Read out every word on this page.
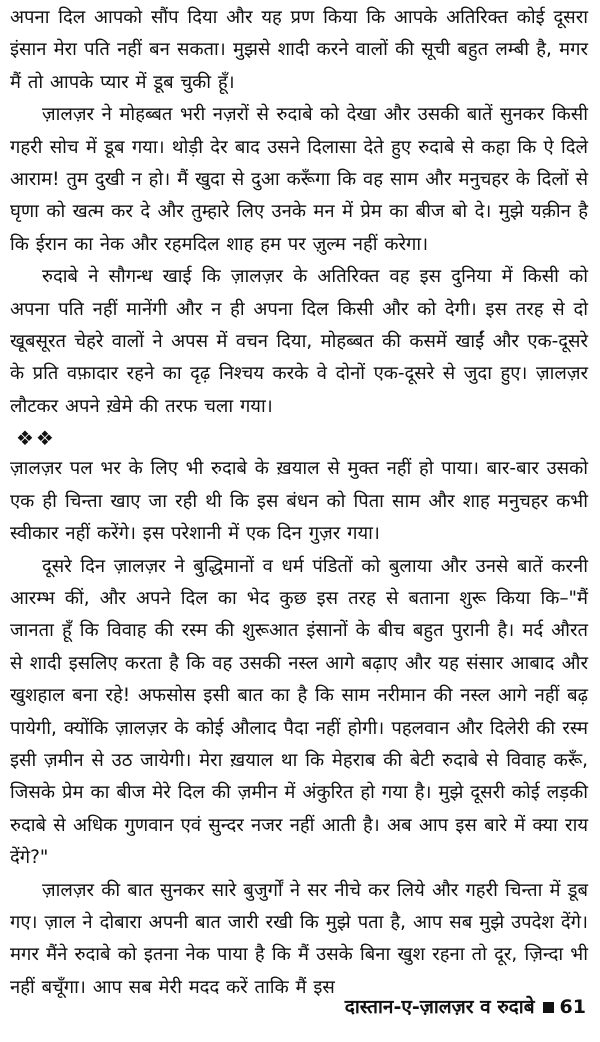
अपना दिल आपको सौंप दिया और यह प्रण किया कि आपके अतिरिक्त कोई दूसरा इंसान मेरा पति नहीं बन सकता। मुझसे शादी करने वालों की सूची बहुत लम्बी है, मगर मैं तो आपके प्यार में डूब चुकी हूँ।

ज़ालज़र ने मोहब्बत भरी नज़रों से रुदाबे को देखा और उसकी बातें सुनकर किसी गहरी सोच में डूब गया। थोड़ी देर बाद उसने दिलासा देते हुए रुदाबे से कहा कि ऐ दिले आराम! तुम दुखी न हो। मैं खुदा से दुआ करूँगा कि वह साम और मनुचहर के दिलों से घृणा को खत्म कर दे और तुम्हारे लिए उनके मन में प्रेम का बीज बो दे। मुझे यक़ीन है कि ईरान का नेक और रहमदिल शाह हम पर ज़ुल्म नहीं करेगा।

रुदाबे ने सौगन्ध खाई कि ज़ालज़र के अतिरिक्त वह इस दुनिया में किसी को अपना पति नहीं मानेंगी और न ही अपना दिल किसी और को देगी। इस तरह से दो खूबसूरत चेहरे वालों ने अपस में वचन दिया, मोहब्बत की कसमें खाईं और एक-दूसरे के प्रति वफ़ादार रहने का दृढ़ निश्चय करके वे दोनों एक-दूसरे से जुदा हुए। ज़ालज़र लौटकर अपने खे़मे की तरफ चला गया।

❖❖

ज़ालज़र पल भर के लिए भी रुदाबे के ख़याल से मुक्त नहीं हो पाया। बार-बार उसको एक ही चिन्ता खाए जा रही थी कि इस बंधन को पिता साम और शाह मनुचहर कभी स्वीकार नहीं करेंगे। इस परेशानी में एक दिन गुज़र गया।

दूसरे दिन ज़ालज़र ने बुद्धिमानों व धर्म पंडितों को बुलाया और उनसे बातें करनी आरम्भ कीं, और अपने दिल का भेद कुछ इस तरह से बताना शुरू किया कि–"मैं जानता हूँ कि विवाह की रस्म की शुरूआत इंसानों के बीच बहुत पुरानी है। मर्द औरत से शादी इसलिए करता है कि वह उसकी नस्ल आगे बढ़ाए और यह संसार आबाद और खुशहाल बना रहे! अफसोस इसी बात का है कि साम नरीमान की नस्ल आगे नहीं बढ़ पायेगी, क्योंकि ज़ालज़र के कोई औलाद पैदा नहीं होगी। पहलवान और दिलेरी की रस्म इसी ज़मीन से उठ जायेगी। मेरा ख़याल था कि मेहराब की बेटी रुदाबे से विवाह करूँ, जिसके प्रेम का बीज मेरे दिल की ज़मीन में अंकुरित हो गया है। मुझे दूसरी कोई लड़की रुदाबे से अधिक गुणवान एवं सुन्दर नजर नहीं आती है। अब आप इस बारे में क्या राय देंगे?"

ज़ालज़र की बात सुनकर सारे बुजुर्गों ने सर नीचे कर लिये और गहरी चिन्ता में डूब गए। ज़ाल ने दोबारा अपनी बात जारी रखी कि मुझे पता है, आप सब मुझे उपदेश देंगे। मगर मैंने रुदाबे को इतना नेक पाया है कि मैं उसके बिना खुश रहना तो दूर, ज़िन्दा भी नहीं बचूँगा। आप सब मेरी मदद करें ताकि मैं इस

दास्तान-ए-ज़ालज़र व रुदाबे 61
